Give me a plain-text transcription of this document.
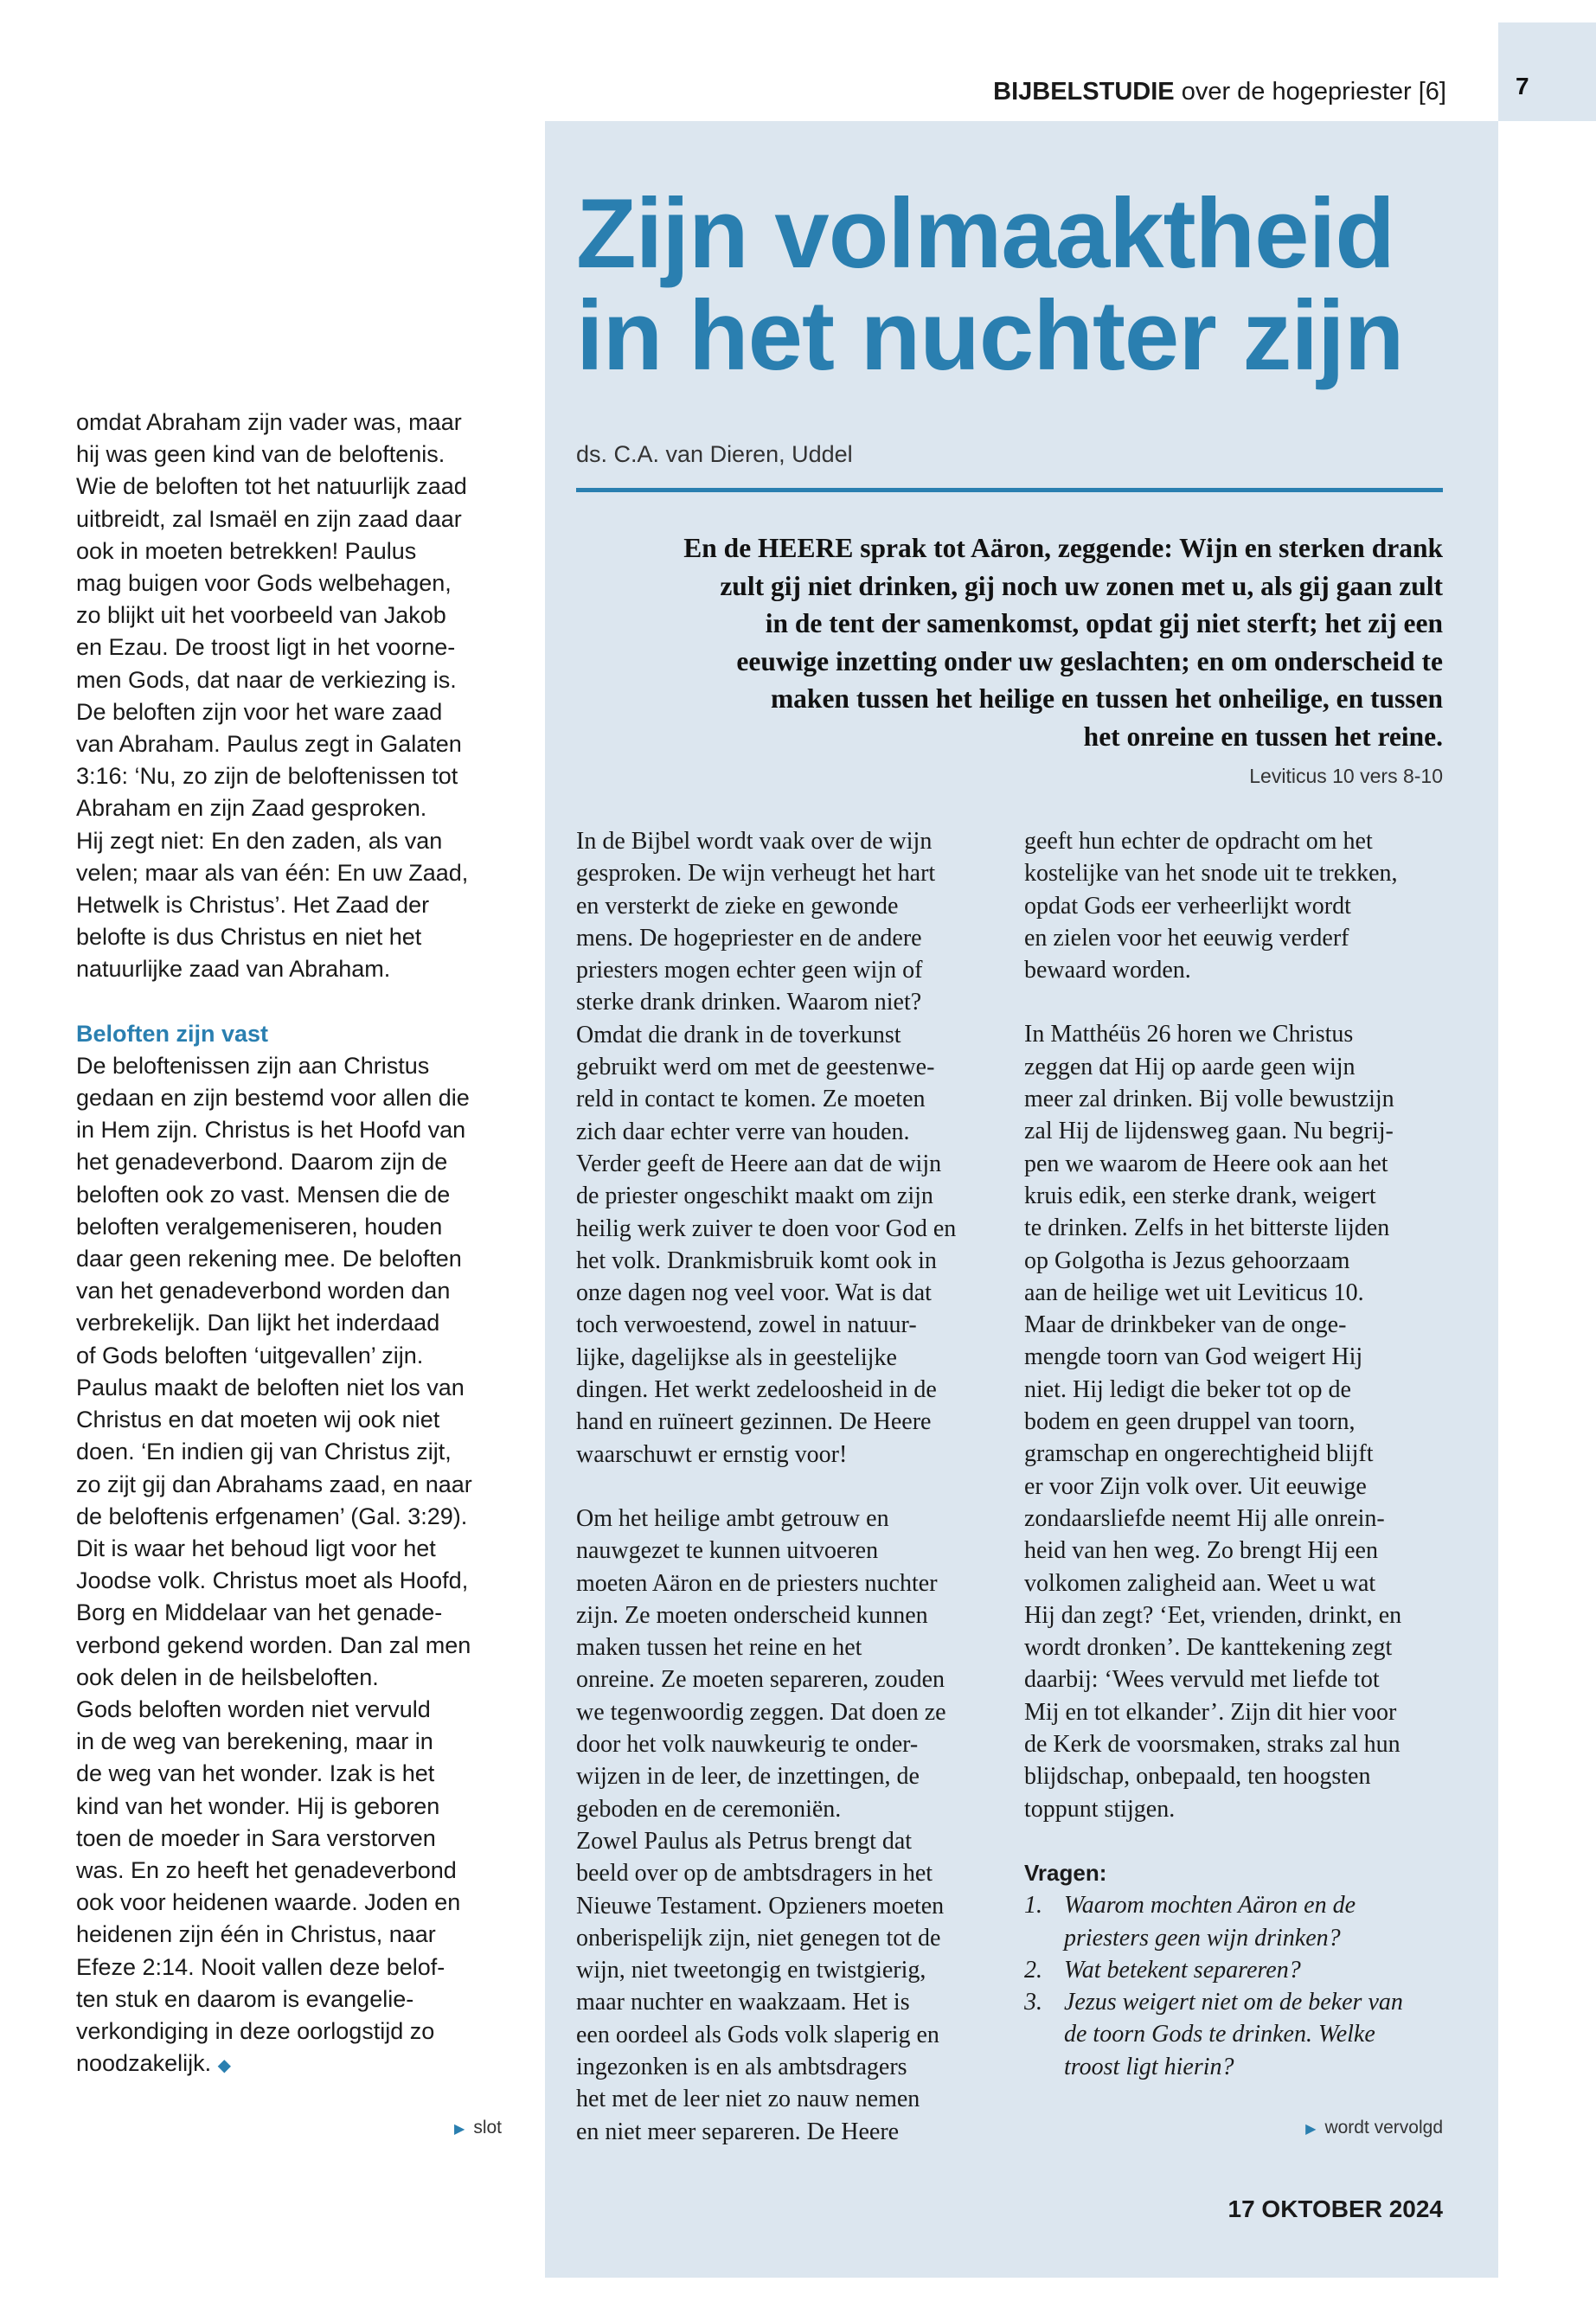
7
BIJBELSTUDIE over de hogepriester [6]
Zijn volmaaktheid
in het nuchter zijn
ds. C.A. van Dieren, Uddel
En de HEERE sprak tot Aäron, zeggende: Wijn en sterken drank
zult gij niet drinken, gij noch uw zonen met u, als gij gaan zult
in de tent der samenkomst, opdat gij niet sterft; het zij een
eeuwige inzetting onder uw geslachten; en om onderscheid te
maken tussen het heilige en tussen het onheilige, en tussen
het onreine en tussen het reine.
Leviticus 10 vers 8-10
omdat Abraham zijn vader was, maar
hij was geen kind van de beloftenis.
Wie de beloften tot het natuurlijk zaad
uitbreidt, zal Ismaël en zijn zaad daar
ook in moeten betrekken! Paulus
mag buigen voor Gods welbehagen,
zo blijkt uit het voorbeeld van Jakob
en Ezau. De troost ligt in het voorne-
men Gods, dat naar de verkiezing is.
De beloften zijn voor het ware zaad
van Abraham. Paulus zegt in Galaten
3:16: ‘Nu, zo zijn de beloftenissen tot
Abraham en zijn Zaad gesproken.
Hij zegt niet: En den zaden, als van
velen; maar als van één: En uw Zaad,
Hetwelk is Christus’. Het Zaad der
belofte is dus Christus en niet het
natuurlijke zaad van Abraham.
Beloften zijn vast
De beloftenissen zijn aan Christus
gedaan en zijn bestemd voor allen die
in Hem zijn. Christus is het Hoofd van
het genadeverbond. Daarom zijn de
beloften ook zo vast. Mensen die de
beloften veralgemeniseren, houden
daar geen rekening mee. De beloften
van het genadeverbond worden dan
verbrekelijk. Dan lijkt het inderdaad
of Gods beloften ‘uitgevallen’ zijn.
Paulus maakt de beloften niet los van
Christus en dat moeten wij ook niet
doen. ‘En indien gij van Christus zijt,
zo zijt gij dan Abrahams zaad, en naar
de beloftenis erfgenamen’ (Gal. 3:29).
Dit is waar het behoud ligt voor het
Joodse volk. Christus moet als Hoofd,
Borg en Middelaar van het genade-
verbond gekend worden. Dan zal men
ook delen in de heilsbeloften.
Gods beloften worden niet vervuld
in de weg van berekening, maar in
de weg van het wonder. Izak is het
kind van het wonder. Hij is geboren
toen de moeder in Sara verstorven
was. En zo heeft het genadeverbond
ook voor heidenen waarde. Joden en
heidenen zijn één in Christus, naar
Efeze 2:14. Nooit vallen deze belof-
ten stuk en daarom is evangelie-
verkondiging in deze oorlogstijd zo
noodzakelijk. ◆
In de Bijbel wordt vaak over de wijn
gesproken. De wijn verheugt het hart
en versterkt de zieke en gewonde
mens. De hogepriester en de andere
priesters mogen echter geen wijn of
sterke drank drinken. Waarom niet?
Omdat die drank in de toverkunst
gebruikt werd om met de geestenwe-
reld in contact te komen. Ze moeten
zich daar echter verre van houden.
Verder geeft de Heere aan dat de wijn
de priester ongeschikt maakt om zijn
heilig werk zuiver te doen voor God en
het volk. Drankmisbruik komt ook in
onze dagen nog veel voor. Wat is dat
toch verwoestend, zowel in natuur-
lijke, dagelijkse als in geestelijke
dingen. Het werkt zedeloosheid in de
hand en ruïneert gezinnen. De Heere
waarschuwt er ernstig voor!
Om het heilige ambt getrouw en
nauwgezet te kunnen uitvoeren
moeten Aäron en de priesters nuchter
zijn. Ze moeten onderscheid kunnen
maken tussen het reine en het
onreine. Ze moeten separeren, zouden
we tegenwoordig zeggen. Dat doen ze
door het volk nauwkeurig te onder-
wijzen in de leer, de inzettingen, de
geboden en de ceremoniën.
Zowel Paulus als Petrus brengt dat
beeld over op de ambtsdragers in het
Nieuwe Testament. Opzieners moeten
onberispelijk zijn, niet genegen tot de
wijn, niet tweetongig en twistgierig,
maar nuchter en waakzaam. Het is
een oordeel als Gods volk slaperig en
ingezonken is en als ambtsdragers
het met de leer niet zo nauw nemen
en niet meer separeren. De Heere
geeft hun echter de opdracht om het
kostelijke van het snode uit te trekken,
opdat Gods eer verheerlijkt wordt
en zielen voor het eeuwig verderf
bewaard worden.
In Matthéüs 26 horen we Christus
zeggen dat Hij op aarde geen wijn
meer zal drinken. Bij volle bewustzijn
zal Hij de lijdensweg gaan. Nu begrij-
pen we waarom de Heere ook aan het
kruis edik, een sterke drank, weigert
te drinken. Zelfs in het bitterste lijden
op Golgotha is Jezus gehoorzaam
aan de heilige wet uit Leviticus 10.
Maar de drinkbeker van de onge-
mengde toorn van God weigert Hij
niet. Hij ledigt die beker tot op de
bodem en geen druppel van toorn,
gramschap en ongerechtigheid blijft
er voor Zijn volk over. Uit eeuwige
zondaarsliefde neemt Hij alle onrein-
heid van hen weg. Zo brengt Hij een
volkomen zaligheid aan. Weet u wat
Hij dan zegt? ‘Eet, vrienden, drinkt, en
wordt dronken’. De kanttekening zegt
daarbij: ‘Wees vervuld met liefde tot
Mij en tot elkander’. Zijn dit hier voor
de Kerk de voorsmaken, straks zal hun
blijdschap, onbepaald, ten hoogsten
toppunt stijgen.
Vragen:
1. Waarom mochten Aäron en de
priesters geen wijn drinken?
2. Wat betekent separeren?
3. Jezus weigert niet om de beker van
de toorn Gods te drinken. Welke
troost ligt hierin?
▶ slot	▶ wordt vervolgd
17 OKTOBER 2024
